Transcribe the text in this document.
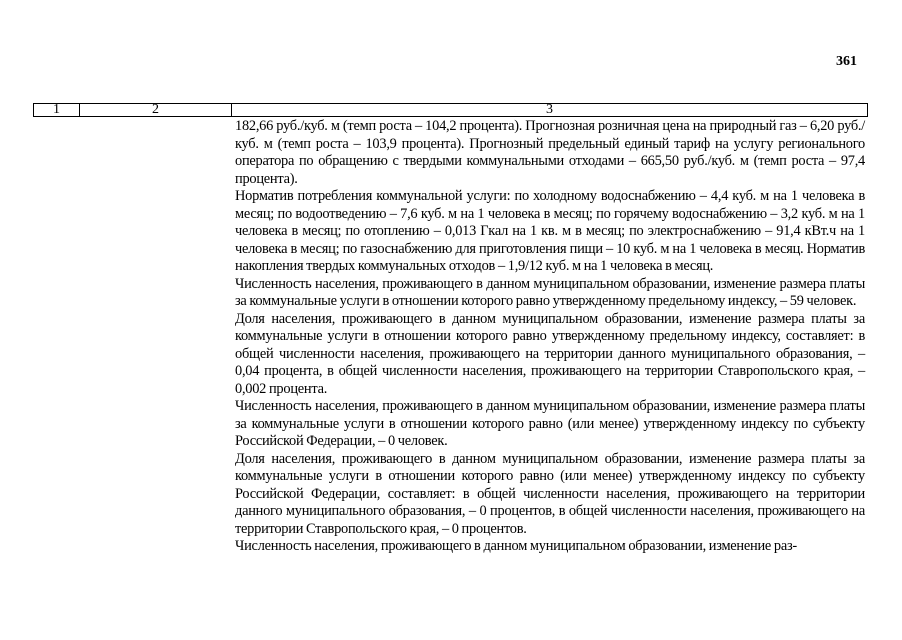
361
1	2	3

182,66 руб./куб. м (темп роста – 104,2 процента). Прогнозная розничная цена на природный газ – 6,20 руб./куб. м (темп роста – 103,9 процента). Прогнозный предельный единый тариф на услугу регионального оператора по обращению с твердыми коммунальными отходами – 665,50 руб./куб. м (темп роста – 97,4 процента).

Норматив потребления коммунальной услуги: по холодному водоснабжению – 4,4 куб. м на 1 человека в месяц; по водоотведению – 7,6 куб. м на 1 человека в месяц; по горячему водоснабжению – 3,2 куб. м на 1 человека в месяц; по отоплению – 0,013 Гкал на 1 кв. м в месяц; по электроснабжению – 91,4 кВт.ч на 1 человека в месяц; по газоснабжению для приготовления пищи – 10 куб. м на 1 человека в месяц. Норматив накопления твердых коммунальных отходов – 1,9/12 куб. м на 1 человека в месяц.

Численность населения, проживающего в данном муниципальном образовании, изменение размера платы за коммунальные услуги в отношении которого равно утвержденному предельному индексу, – 59 человек.

Доля населения, проживающего в данном муниципальном образовании, изменение размера платы за коммунальные услуги в отношении которого равно утвержденному предельному индексу, составляет: в общей численности населения, проживающего на территории данного муниципального образования, – 0,04 процента, в общей численности населения, проживающего на территории Ставропольского края, – 0,002 процента.

Численность населения, проживающего в данном муниципальном образовании, изменение размера платы за коммунальные услуги в отношении которого равно (или менее) утвержденному индексу по субъекту Российской Федерации, – 0 человек.

Доля населения, проживающего в данном муниципальном образовании, изменение размера платы за коммунальные услуги в отношении которого равно (или менее) утвержденному индексу по субъекту Российской Федерации, составляет: в общей численности населения, проживающего на территории данного муниципального образования, – 0 процентов, в общей численности населения, проживающего на территории Ставропольского края, – 0 процентов.

Численность населения, проживающего в данном муниципальном образовании, изменение раз-
